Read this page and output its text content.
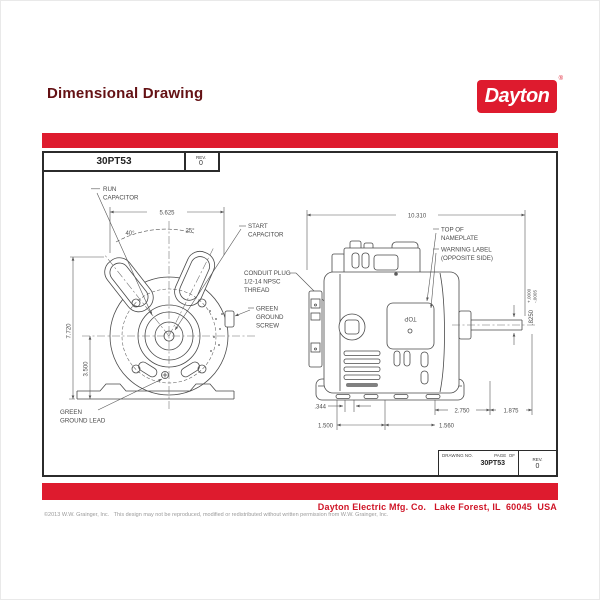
Dimensional Drawing	Dayton
®
30PT53	REV.
0
5.625
40°	25°
7.720
3.500
RUN
CAPACITOR
START
CAPACITOR
CONDUIT PLUG
1/2-14 NPSC
THREAD
GREEN
GROUND
SCREW
GREEN
GROUND LEAD
TOP
10.310
TOP OF
NAMEPLATE
WARNING LABEL
(OPPOSITE SIDE)
.8250
+.0000 -.0005
.344
2.750	1.875
1.500	1.560
DRAWING NO.	PAGE  OF
30PT53
REV.
0
Dayton Electric Mfg. Co.   Lake Forest, IL  60045  USA
©2013 W.W. Grainger, Inc.   This design may not be reproduced, modified or redistributed without written permission from W.W. Grainger, Inc.
